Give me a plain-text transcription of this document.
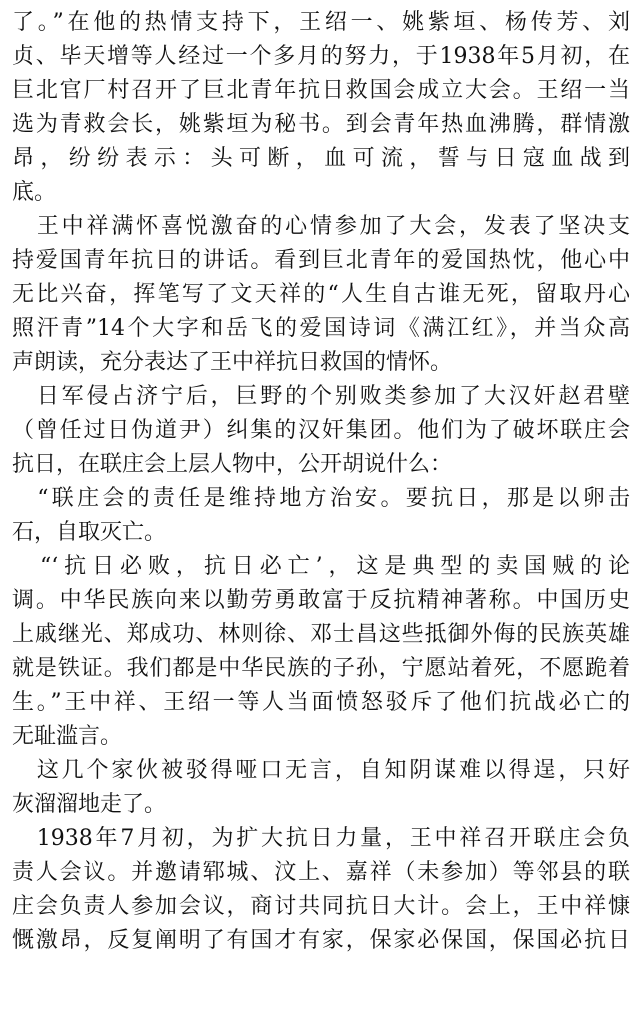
了。”在他的热情支持下，王绍一、姚紫垣、杨传芳、刘
贞、毕天增等人经过一个多月的努力，于1938年5月初，在
巨北官厂村召开了巨北青年抗日救国会成立大会。王绍一当
选为青救会长，姚紫垣为秘书。到会青年热血沸腾，群情激
昂，纷纷表示：头可断，血可流，誓与日寇血战到
底。
　王中祥满怀喜悦激奋的心情参加了大会，发表了坚决支
持爱国青年抗日的讲话。看到巨北青年的爱国热忱，他心中
无比兴奋，挥笔写了文天祥的“人生自古谁无死，留取丹心
照汗青”14个大字和岳飞的爱国诗词《满江红》，并当众高
声朗读，充分表达了王中祥抗日救国的情怀。
　日军侵占济宁后，巨野的个别败类参加了大汉奸赵君壁
（曾任过日伪道尹）纠集的汉奸集团。他们为了破坏联庄会
抗日，在联庄会上层人物中，公开胡说什么：
　“联庄会的责任是维持地方治安。要抗日，那是以卵击
石，自取灭亡。
　“‘抗日必败，抗日必亡’，这是典型的卖国贼的论
调。中华民族向来以勤劳勇敢富于反抗精神著称。中国历史
上戚继光、郑成功、林则徐、邓士昌这些抵御外侮的民族英雄
就是铁证。我们都是中华民族的子孙，宁愿站着死，不愿跪着
生。”王中祥、王绍一等人当面愤怒驳斥了他们抗战必亡的
无耻滥言。
　这几个家伙被驳得哑口无言，自知阴谋难以得逞，只好
灰溜溜地走了。
　1938年7月初，为扩大抗日力量，王中祥召开联庄会负
责人会议。并邀请郓城、汶上、嘉祥（未参加）等邻县的联
庄会负责人参加会议，商讨共同抗日大计。会上，王中祥慷
慨激昂，反复阐明了有国才有家，保家必保国，保国必抗日
